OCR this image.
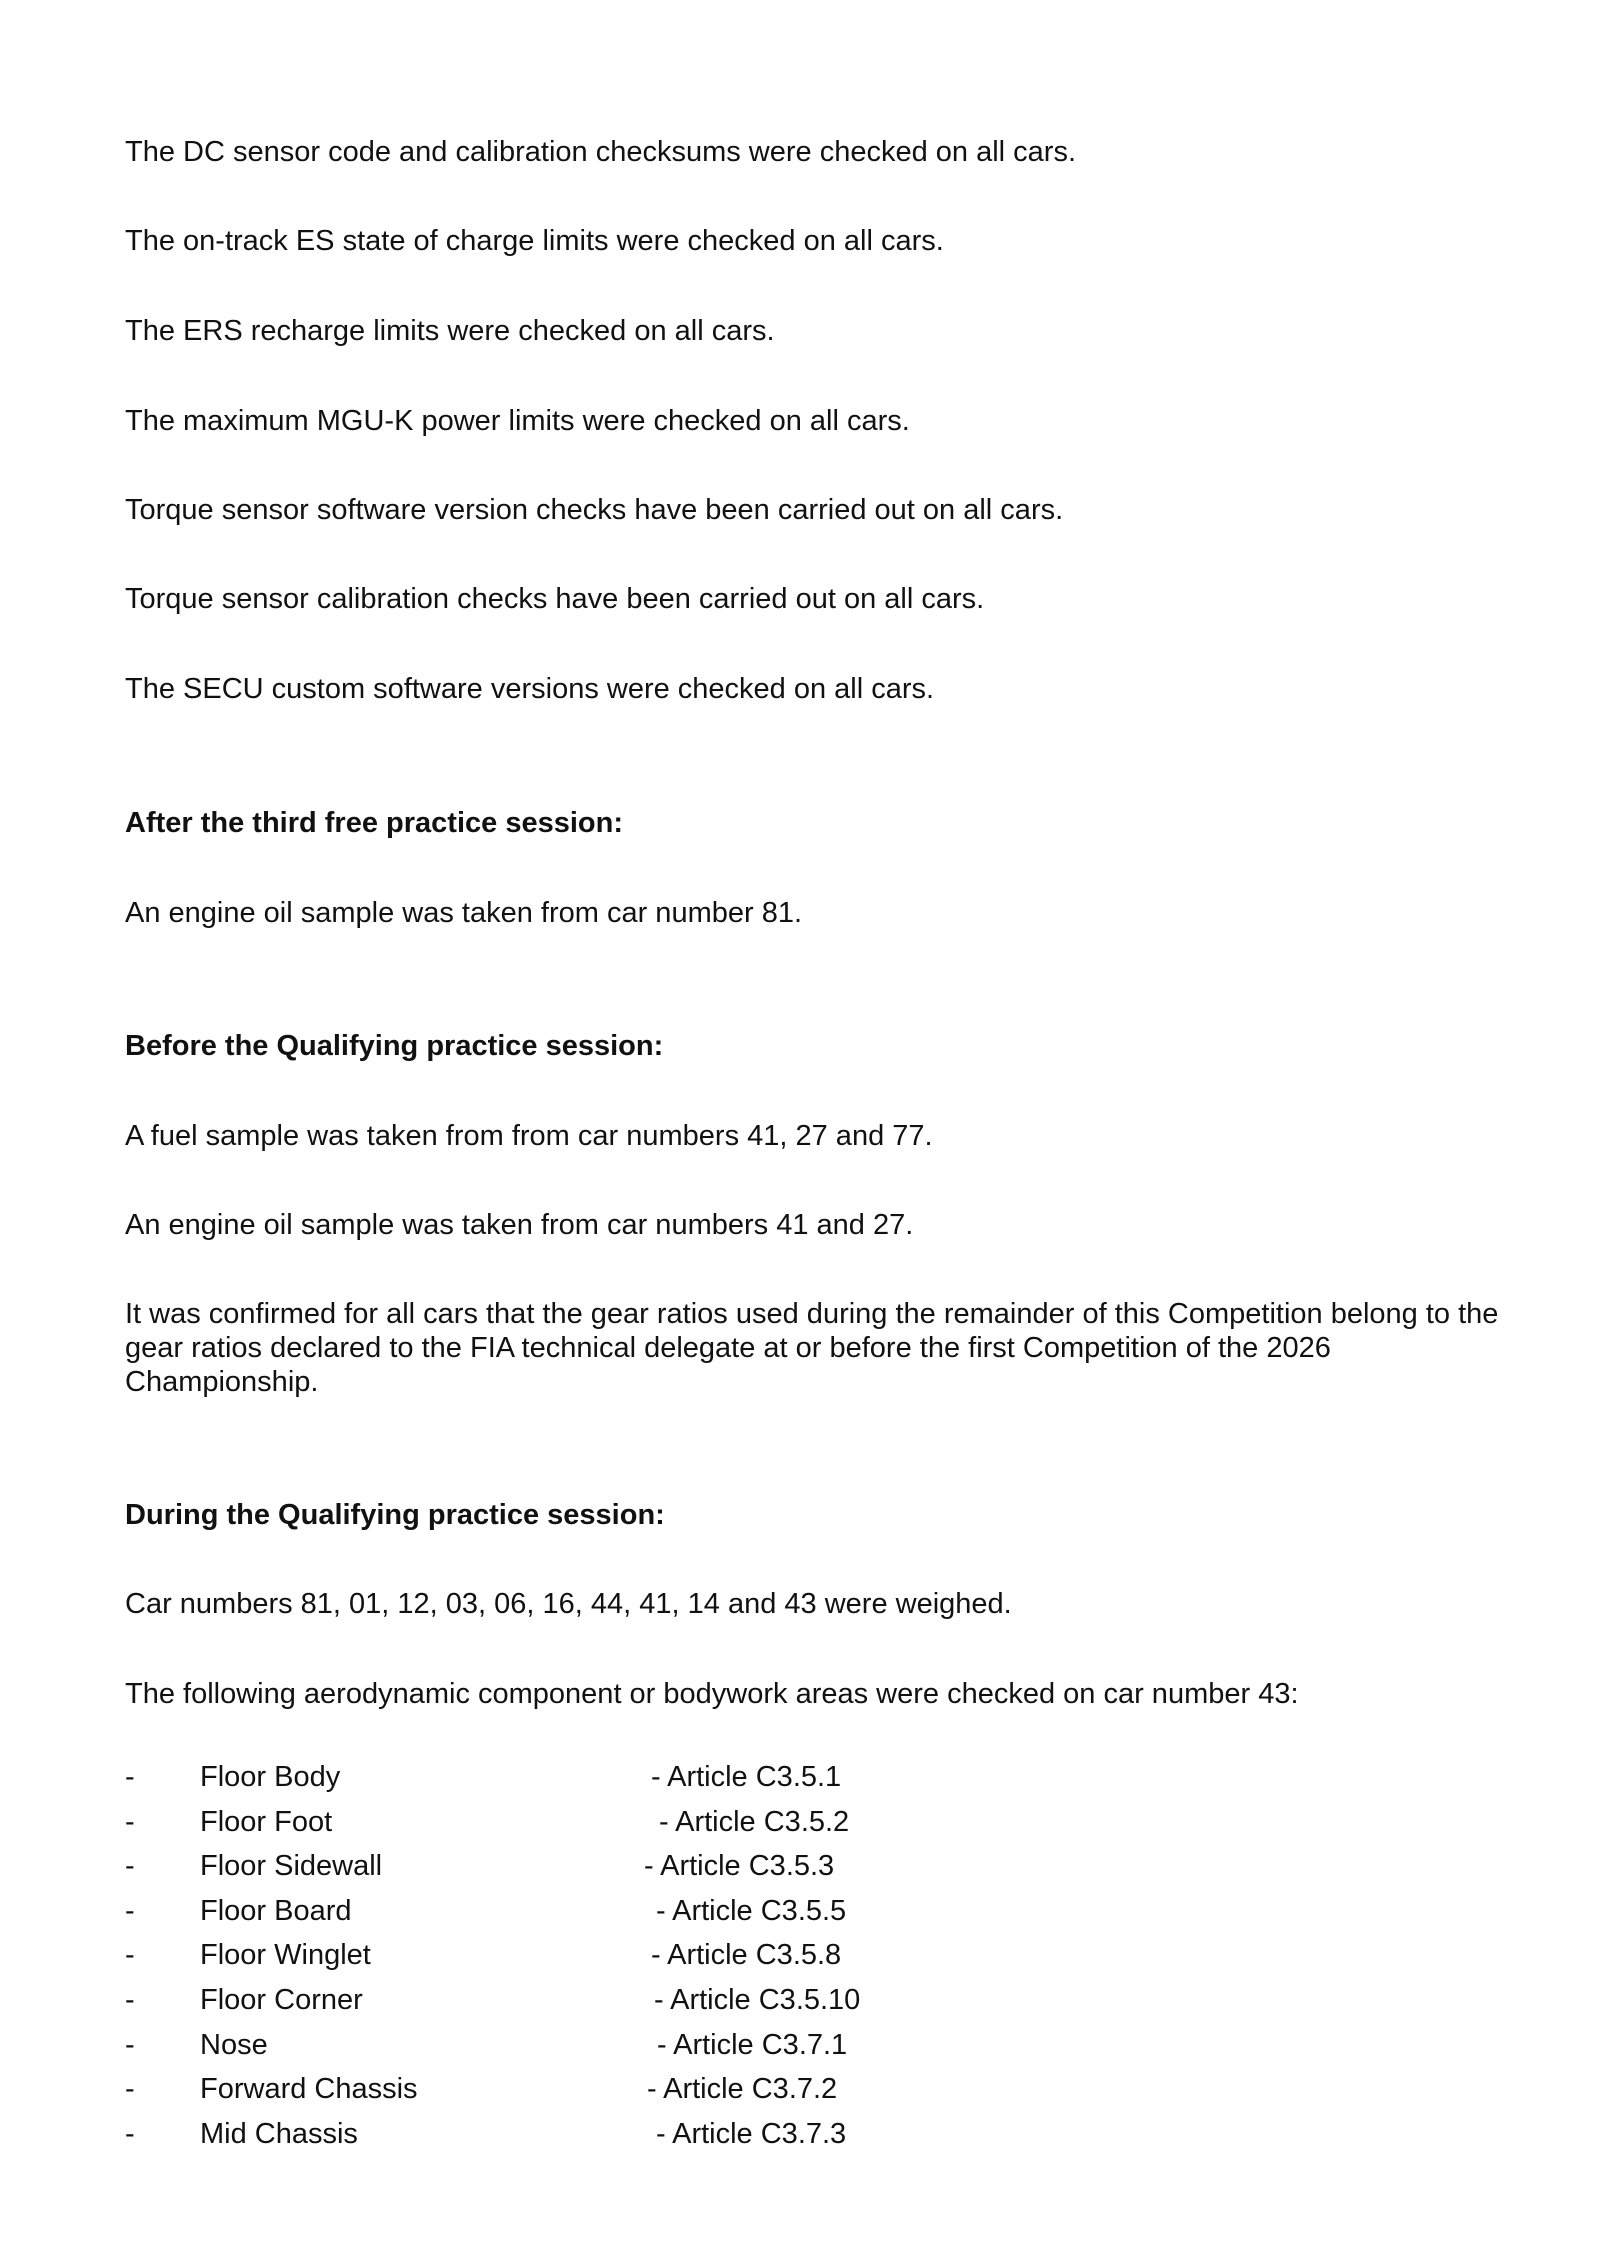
The DC sensor code and calibration checksums were checked on all cars.

The on-track ES state of charge limits were checked on all cars.

The ERS recharge limits were checked on all cars.

The maximum MGU-K power limits were checked on all cars.

Torque sensor software version checks have been carried out on all cars.

Torque sensor calibration checks have been carried out on all cars.

The SECU custom software versions were checked on all cars.

After the third free practice session:

An engine oil sample was taken from car number 81.

Before the Qualifying practice session:

A fuel sample was taken from from car numbers 41, 27 and 77.

An engine oil sample was taken from car numbers 41 and 27.

It was confirmed for all cars that the gear ratios used during the remainder of this Competition belong to the gear ratios declared to the FIA technical delegate at or before the first Competition of the 2026 Championship.

During the Qualifying practice session:

Car numbers 81, 01, 12, 03, 06, 16, 44, 41, 14 and 43 were weighed.

The following aerodynamic component or bodywork areas were checked on car number 43:

- Floor Body	- Article C3.5.1
- Floor Foot	- Article C3.5.2
- Floor Sidewall	- Article C3.5.3
- Floor Board	- Article C3.5.5
- Floor Winglet	- Article C3.5.8
- Floor Corner	- Article C3.5.10
- Nose	- Article C3.7.1
- Forward Chassis	- Article C3.7.2
- Mid Chassis	- Article C3.7.3
